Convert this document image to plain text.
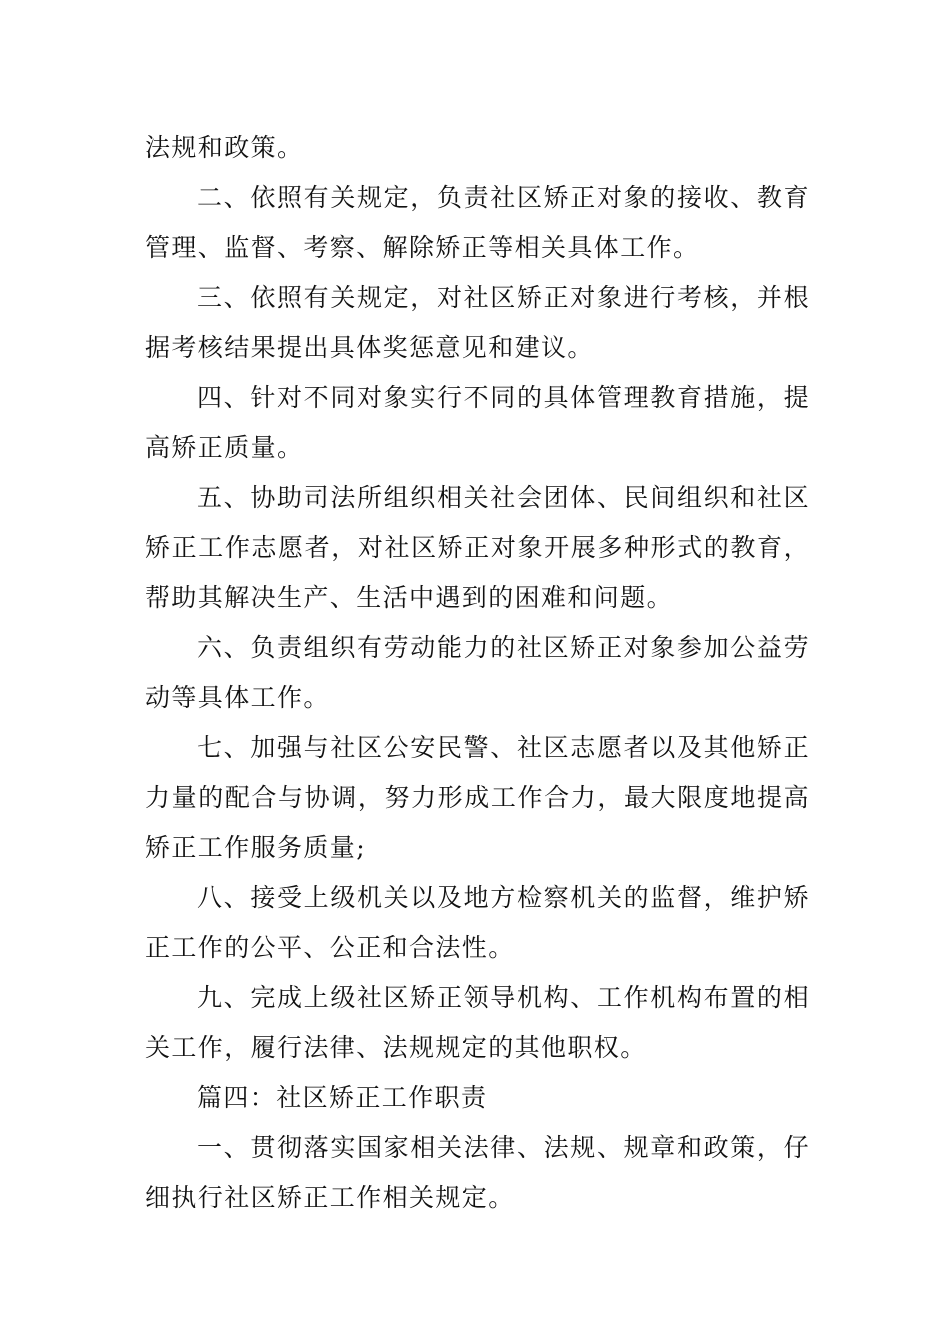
法规和政策。

二、依照有关规定，负责社区矫正对象的接收、教育管理、监督、考察、解除矫正等相关具体工作。

三、依照有关规定，对社区矫正对象进行考核，并根据考核结果提出具体奖惩意见和建议。

四、针对不同对象实行不同的具体管理教育措施，提高矫正质量。

五、协助司法所组织相关社会团体、民间组织和社区矫正工作志愿者，对社区矫正对象开展多种形式的教育，帮助其解决生产、生活中遇到的困难和问题。

六、负责组织有劳动能力的社区矫正对象参加公益劳动等具体工作。

七、加强与社区公安民警、社区志愿者以及其他矫正力量的配合与协调，努力形成工作合力，最大限度地提高矫正工作服务质量;

八、接受上级机关以及地方检察机关的监督，维护矫正工作的公平、公正和合法性。

九、完成上级社区矫正领导机构、工作机构布置的相关工作，履行法律、法规规定的其他职权。

篇四：社区矫正工作职责

一、贯彻落实国家相关法律、法规、规章和政策，仔细执行社区矫正工作相关规定。
